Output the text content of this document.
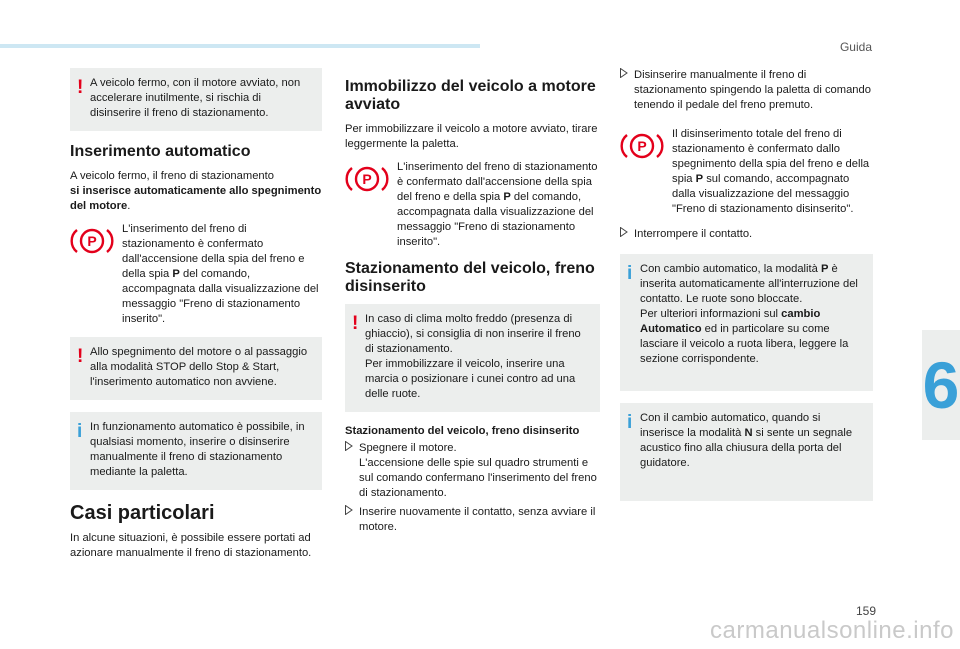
Guida
6
159
carmanualsonline.info
! A veicolo fermo, con il motore avviato, non accelerare inutilmente, si rischia di disinserire il freno di stazionamento.

Inserimento automatico

A veicolo fermo, il freno di stazionamento
si inserisce automaticamente allo spegnimento del motore.

P
L'inserimento del freno di stazionamento è confermato dall'accensione della spia del freno e della spia P del comando, accompagnata dalla visualizzazione del messaggio "Freno di stazionamento inserito".
! Allo spegnimento del motore o al passaggio alla modalità STOP dello Stop & Start, l'inserimento automatico non avviene.

i In funzionamento automatico è possibile, in qualsiasi momento, inserire o disinserire manualmente il freno di stazionamento mediante la paletta.

Casi particolari

In alcune situazioni, è possibile essere portati ad azionare manualmente il freno di stazionamento.

Immobilizzo del veicolo a motore avviato

Per immobilizzare il veicolo a motore avviato, tirare leggermente la paletta.

P
L'inserimento del freno di stazionamento è confermato dall'accensione della spia del freno e della spia P del comando, accompagnata dalla visualizzazione del messaggio "Freno di stazionamento inserito".
Stazionamento del veicolo, freno disinserito
! In caso di clima molto freddo (presenza di ghiaccio), si consiglia di non inserire il freno di stazionamento.

Per immobilizzare il veicolo, inserire una marcia o posizionare i cunei contro ad una delle ruote.

Stazionamento del veicolo, freno disinserito
Spegnere il motore.
L'accensione delle spie sul quadro strumenti e sul comando confermano l'inserimento del freno di stazionamento.
Inserire nuovamente il contatto, senza avviare il motore.
Disinserire manualmente il freno di stazionamento spingendo la paletta di comando tenendo il pedale del freno premuto.
P
Il disinserimento totale del freno di stazionamento è confermato dallo spegnimento della spia del freno e della spia P sul comando, accompagnato dalla visualizzazione del messaggio "Freno di stazionamento disinserito".
Interrompere il contatto.
i Con cambio automatico, la modalità P è inserita automaticamente all'interruzione del contatto. Le ruote sono bloccate.
Per ulteriori informazioni sul cambio Automatico ed in particolare su come lasciare il veicolo a ruota libera, leggere la sezione corrispondente.

i Con il cambio automatico, quando si inserisce la modalità N si sente un segnale acustico fino alla chiusura della porta del guidatore.
